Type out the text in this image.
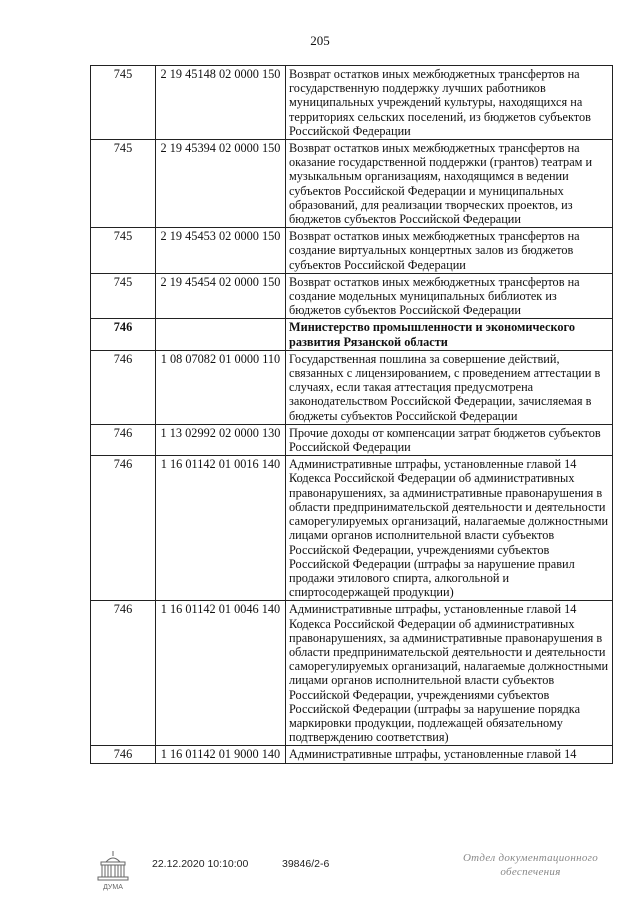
205
745	2 19 45148 02 0000 150	Возврат остатков иных межбюджетных трансфертов на государственную поддержку лучших работников муниципальных учреждений культуры, находящихся на территориях сельских поселений, из бюджетов субъектов Российской Федерации
745	2 19 45394 02 0000 150	Возврат остатков иных межбюджетных трансфертов на оказание государственной поддержки (грантов) театрам и музыкальным организациям, находящимся в ведении субъектов Российской Федерации и муниципальных образований, для реализации творческих проектов, из бюджетов субъектов Российской Федерации
745	2 19 45453 02 0000 150	Возврат остатков иных межбюджетных трансфертов на создание виртуальных концертных залов из бюджетов субъектов Российской Федерации
745	2 19 45454 02 0000 150	Возврат остатков иных межбюджетных трансфертов на создание модельных муниципальных библиотек из бюджетов субъектов Российской Федерации
746		Министерство промышленности и экономического развития Рязанской области
746	1 08 07082 01 0000 110	Государственная пошлина за совершение действий, связанных с лицензированием, с проведением аттестации в случаях, если такая аттестация предусмотрена законодательством Российской Федерации, зачисляемая в бюджеты субъектов Российской Федерации
746	1 13 02992 02 0000 130	Прочие доходы от компенсации затрат бюджетов субъектов Российской Федерации
746	1 16 01142 01 0016 140	Административные штрафы, установленные главой 14 Кодекса Российской Федерации об административных правонарушениях, за административные правонарушения в области предпринимательской деятельности и деятельности саморегулируемых организаций, налагаемые должностными лицами органов исполнительной власти субъектов Российской Федерации, учреждениями субъектов Российской Федерации (штрафы за нарушение правил продажи этилового спирта, алкогольной и спиртосодержащей продукции)
746	1 16 01142 01 0046 140	Административные штрафы, установленные главой 14 Кодекса Российской Федерации об административных правонарушениях, за административные правонарушения в области предпринимательской деятельности и деятельности саморегулируемых организаций, налагаемые должностными лицами органов исполнительной власти субъектов Российской Федерации, учреждениями субъектов Российской Федерации (штрафы за нарушение порядка маркировки продукции, подлежащей обязательному подтверждению соответствия)
746	1 16 01142 01 9000 140	Административные штрафы, установленные главой 14
ДУМА
22.12.2020 10:10:00	39846/2-6	Отдел документационного
обеспечения
